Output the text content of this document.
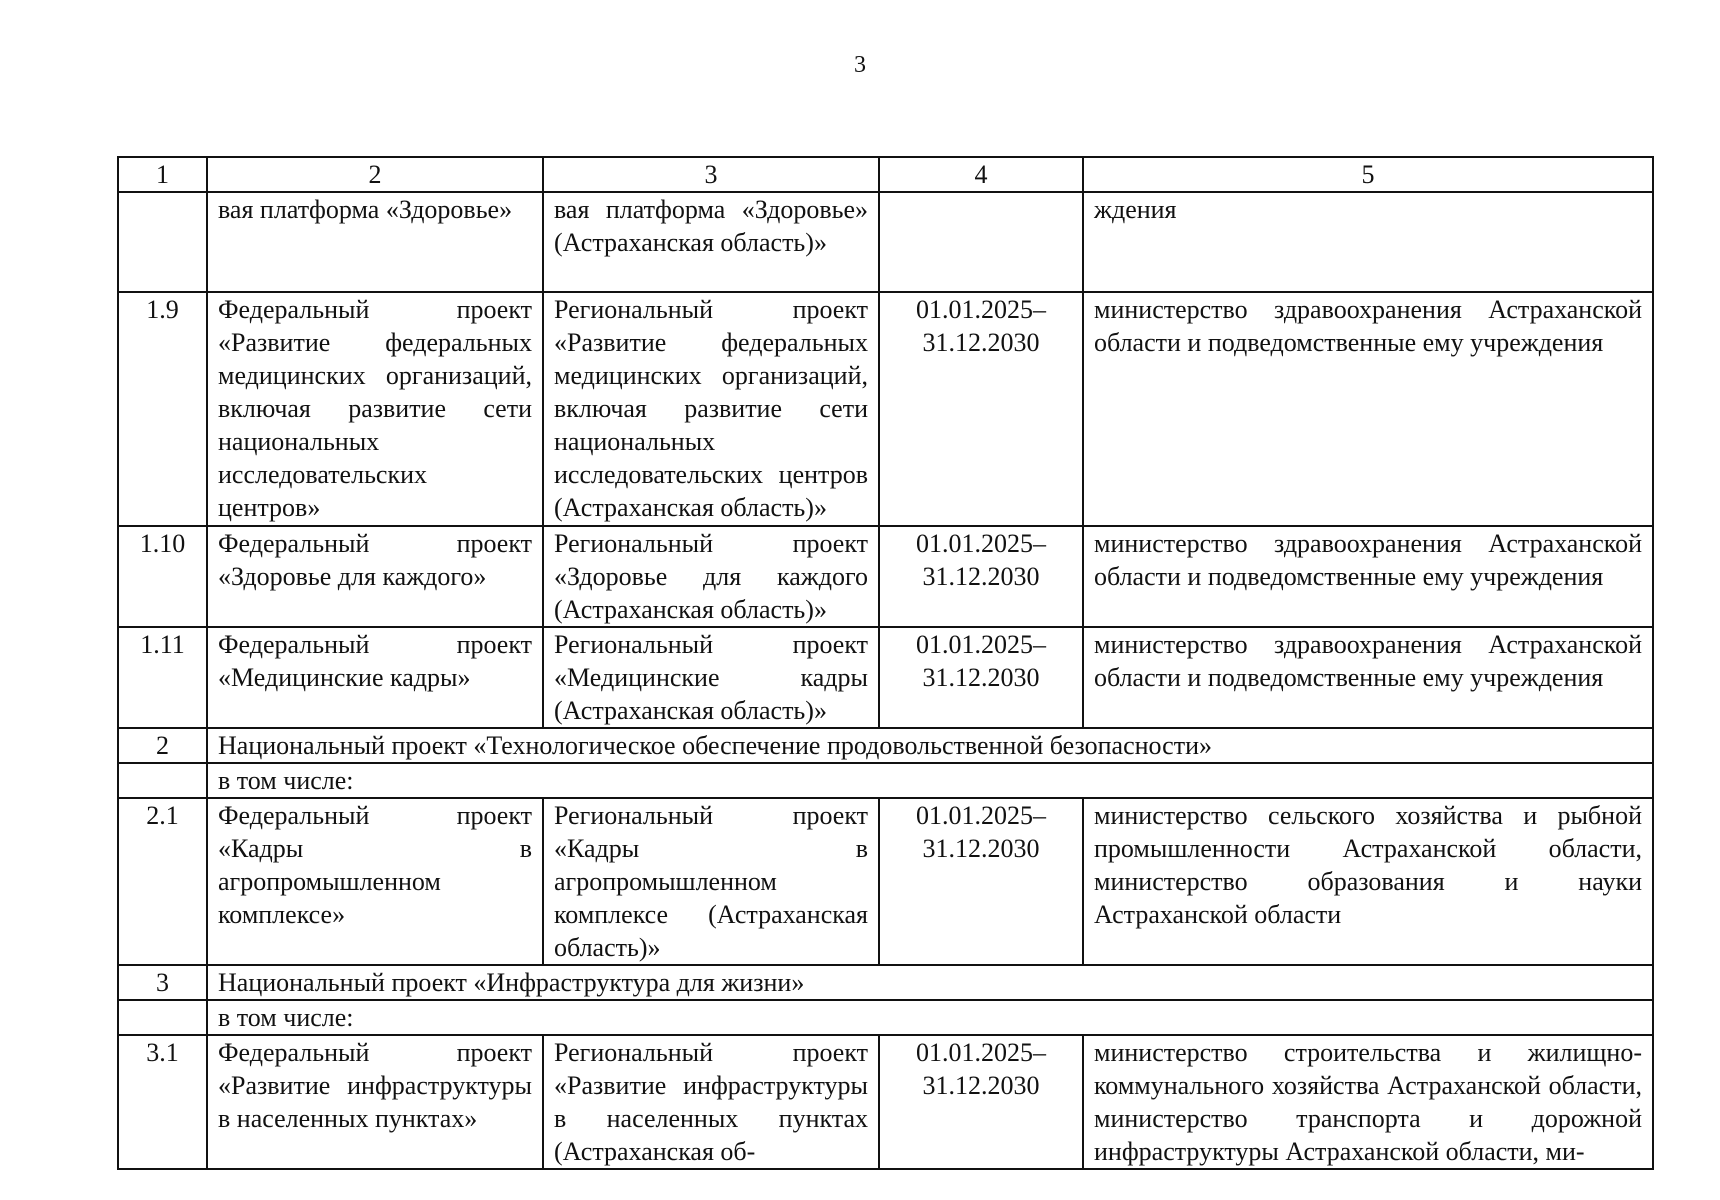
3
1	2	3	4	5
	вая платформа «Здоровье»	вая платформа «Здоровье» (Астраханская область)»		ждения
1.9	Федеральный проект «Развитие федеральных медицинских организаций, включая развитие сети национальных исследовательских центров»	Региональный проект «Развитие федеральных медицинских организаций, включая развитие сети национальных исследовательских центров (Астраханская область)»	01.01.2025–31.12.2030	министерство здравоохранения Астраханской области и подведомственные ему учреждения
1.10	Федеральный проект «Здоровье для каждого»	Региональный проект «Здоровье для каждого (Астраханская область)»	01.01.2025–31.12.2030	министерство здравоохранения Астраханской области и подведомственные ему учреждения
1.11	Федеральный проект «Медицинские кадры»	Региональный проект «Медицинские кадры (Астраханская область)»	01.01.2025–31.12.2030	министерство здравоохранения Астраханской области и подведомственные ему учреждения
2	Национальный проект «Технологическое обеспечение продовольственной безопасности»			
	в том числе:			
2.1	Федеральный проект «Кадры в агропромышленном комплексе»	Региональный проект «Кадры в агропромышленном комплексе (Астраханская область)»	01.01.2025–31.12.2030	министерство сельского хозяйства и рыбной промышленности Астраханской области, министерство образования и науки Астраханской области
3	Национальный проект «Инфраструктура для жизни»			
	в том числе:			
3.1	Федеральный проект «Развитие инфраструктуры в населенных пунктах»	Региональный проект «Развитие инфраструктуры в населенных пунктах (Астраханская об-	01.01.2025–31.12.2030	министерство строительства и жилищно-коммунального хозяйства Астраханской области, министерство транспорта и дорожной инфраструктуры Астраханской области, ми-
